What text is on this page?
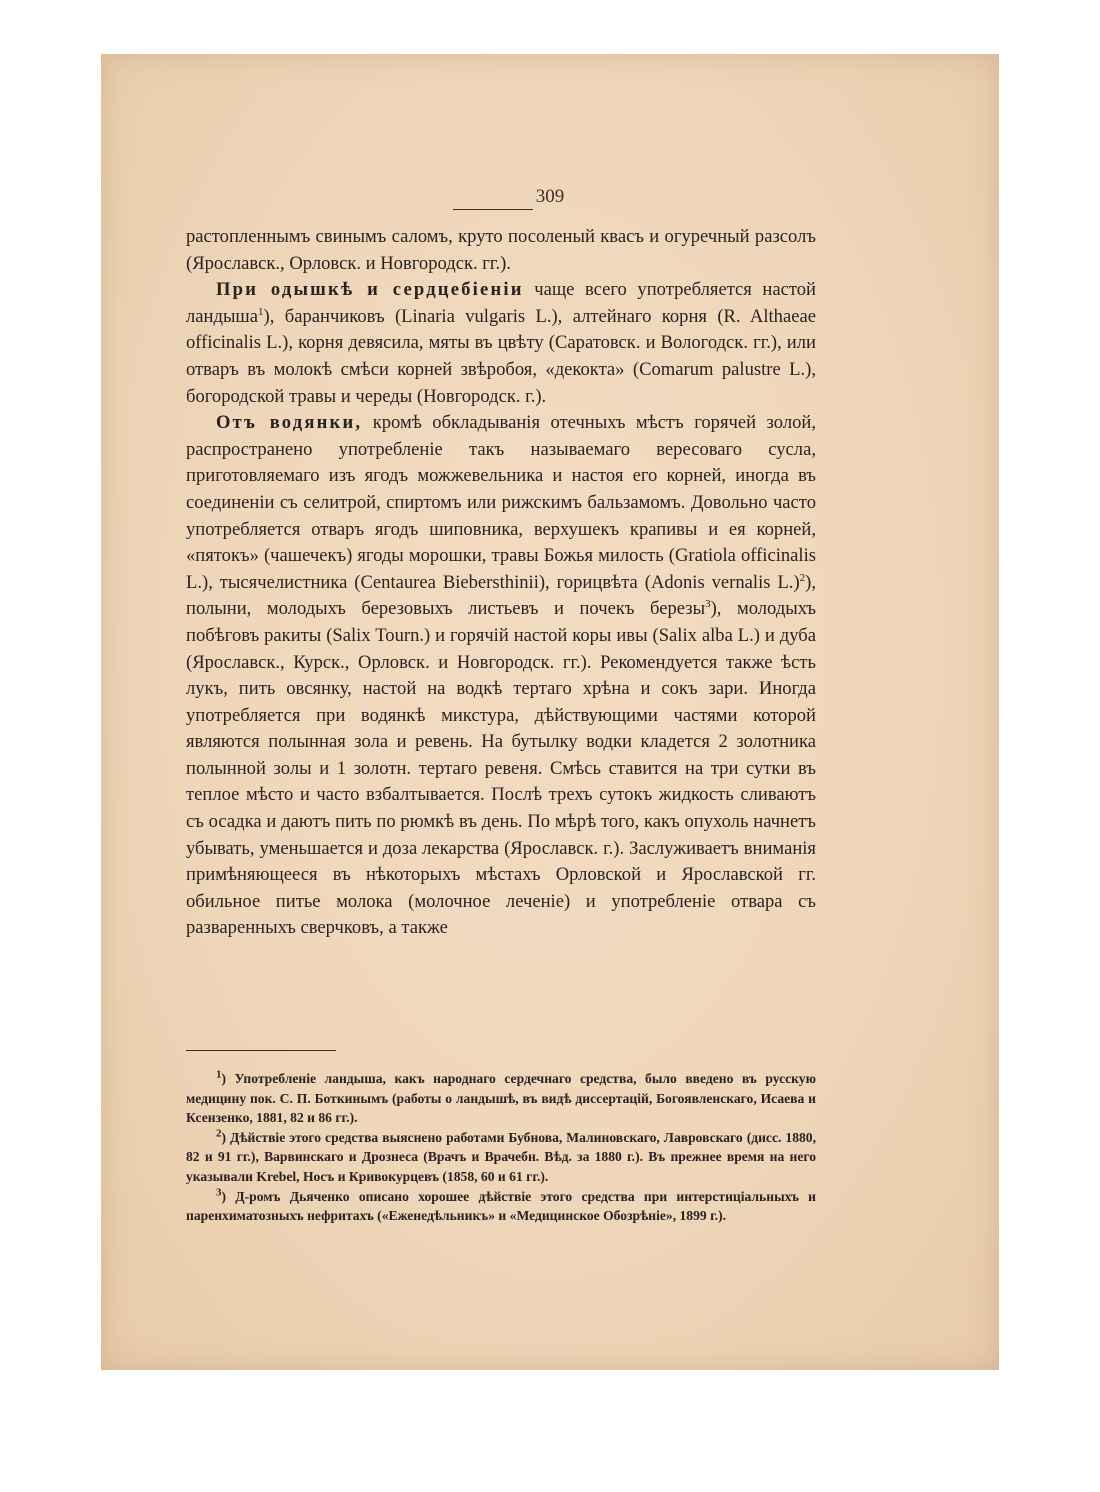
309

растопленнымъ свинымъ саломъ, круто посоленый квасъ и огуречный разсолъ (Ярославск., Орловск. и Новгородск. гг.).

При одышкѣ и сердцебіеніи чаще всего употребляется настой ландыша$^1$), баранчиковъ (Linaria vulgaris L.), алтейнаго корня (R. Althaeae officinalis L.), корня девясила, мяты въ цвѣту (Саратовск. и Вологодск. гг.), или отваръ въ молокѣ смѣси корней звѣробоя, «декокта» (Comarum palustre L.), богородской травы и череды (Новгородск. г.).

Отъ водянки, кромѣ обкладыванія отечныхъ мѣстъ горячей золой, распространено употребленіе такъ называемаго вересоваго сусла, приготовляемаго изъ ягодъ можжевельника и настоя его корней, иногда въ соединеніи съ селитрой, спиртомъ или рижскимъ бальзамомъ. Довольно часто употребляется отваръ ягодъ шиповника, верхушекъ крапивы и ея корней, «пятокъ» (чашечекъ) ягоды морошки, травы Божья милость (Gratiola officinalis L.), тысячелистника (Centaurea Biebersthinii), горицвѣта (Adonis vernalis L.)$^2$), полыни, молодыхъ березовыхъ листьевъ и почекъ березы$^3$), молодыхъ побѣговъ ракиты (Salix Tourn.) и горячій настой коры ивы (Salix alba L.) и дуба (Ярославск., Курск., Орловск. и Новгородск. гг.). Рекомендуется также ѣсть лукъ, пить овсянку, настой на водкѣ тертаго хрѣна и сокъ зари. Иногда употребляется при водянкѣ микстура, дѣйствующими частями которой являются полынная зола и ревень. На бутылку водки кладется 2 золотника полынной золы и 1 золотн. тертаго ревеня. Смѣсь ставится на три сутки въ теплое мѣсто и часто взбалтывается. Послѣ трехъ сутокъ жидкость сливаютъ съ осадка и даютъ пить по рюмкѣ въ день. По мѣрѣ того, какъ опухоль начнетъ убывать, уменьшается и доза лекарства (Ярославск. г.). Заслуживаетъ вниманія примѣняющееся въ нѣкоторыхъ мѣстахъ Орловской и Ярославской гг. обильное питье молока (молочное леченіе) и употребленіе отвара съ разваренныхъ сверчковъ, а также

$^1$) Употребленіе ландыша, какъ народнаго сердечнаго средства, было введено въ русскую медицину пок. С. П. Боткинымъ (работы о ландышѣ, въ видѣ диссертацій, Богоявленскаго, Исаева и Ксензенко, 1881, 82 и 86 гг.).

$^2$) Дѣйствіе этого средства выяснено работами Бубнова, Малиновскаго, Лавровскаго (дисс. 1880, 82 и 91 гг.), Варвинскаго и Дрознеса (Врачъ и Врачебн. Вѣд. за 1880 г.). Въ прежнее время на него указывали Krebel, Носъ и Кривокурцевъ (1858, 60 и 61 гг.).

$^3$) Д-ромъ Дьяченко описано хорошее дѣйствіе этого средства при интерстиціальныхъ и паренхиматозныхъ нефритахъ («Еженедѣльникъ» и «Медицинское Обозрѣніе», 1899 г.).
